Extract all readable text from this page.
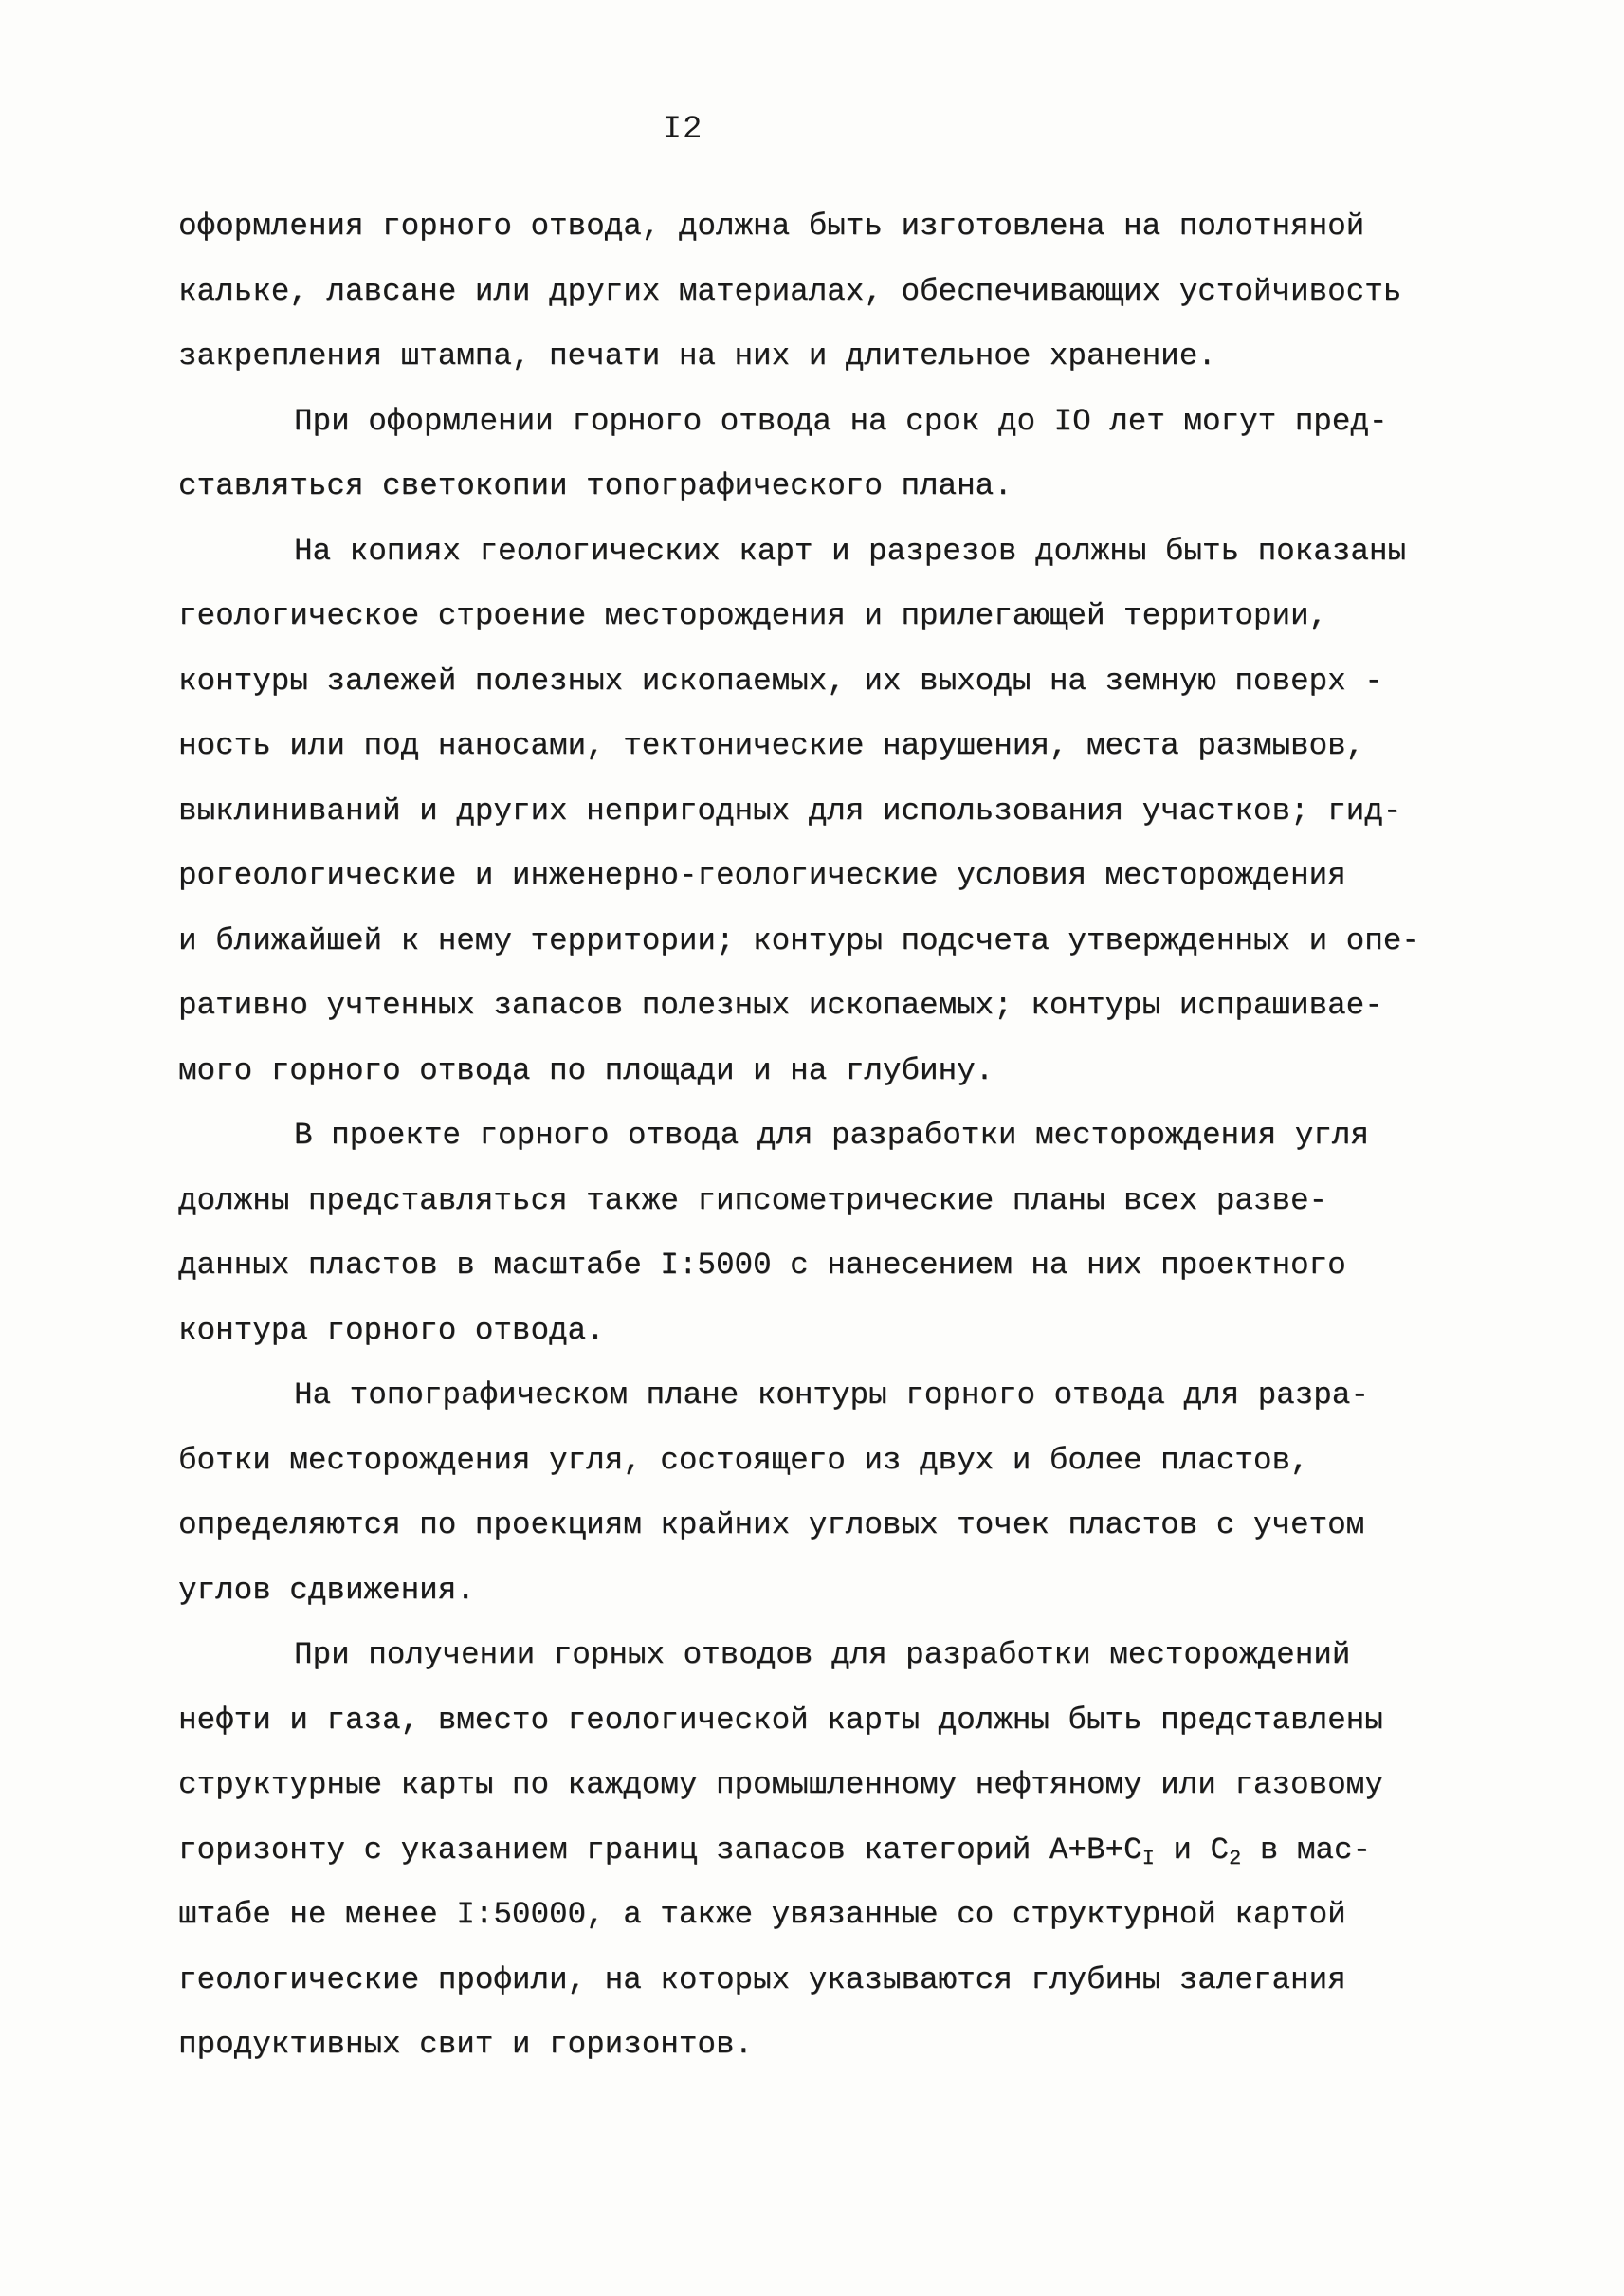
I2
оформления горного отвода, должна быть изготовлена на полотняной
кальке, лавсане или других материалах, обеспечивающих устойчивость
закрепления штампа, печати на них и длительное хранение.
При оформлении горного отвода на срок до IO лет могут пред-
ставляться светокопии топографического плана.
На копиях геологических карт и разрезов должны быть показаны
геологическое строение месторождения и прилегающей территории,
контуры залежей полезных ископаемых, их выходы на земную поверх -
ность или под наносами, тектонические нарушения, места размывов,
выклиниваний и других непригодных для использования участков; гид-
рогеологические и инженерно-геологические условия месторождения
и ближайшей к нему территории; контуры подсчета утвержденных и опе-
ративно учтенных запасов полезных ископаемых; контуры испрашивае-
мого горного отвода по площади и на глубину.
В проекте горного отвода для разработки месторождения угля
должны представляться также гипсометрические планы всех разве-
данных пластов в масштабе I:5000 с нанесением на них проектного
контура горного отвода.
На топографическом плане контуры горного отвода для разра-
ботки месторождения угля, состоящего из двух и более пластов,
определяются по проекциям крайних угловых точек пластов с учетом
углов сдвижения.
При получении горных отводов для разработки месторождений
нефти и газа, вместо геологической карты должны быть представлены
структурные карты по каждому промышленному нефтяному или газовому
горизонту с указанием границ запасов категорий $А+В+С_I$ и $С_2$ в мас-
штабе не менее I:50000, а также увязанные со структурной картой
геологические профили, на которых указываются глубины залегания
продуктивных свит и горизонтов.
